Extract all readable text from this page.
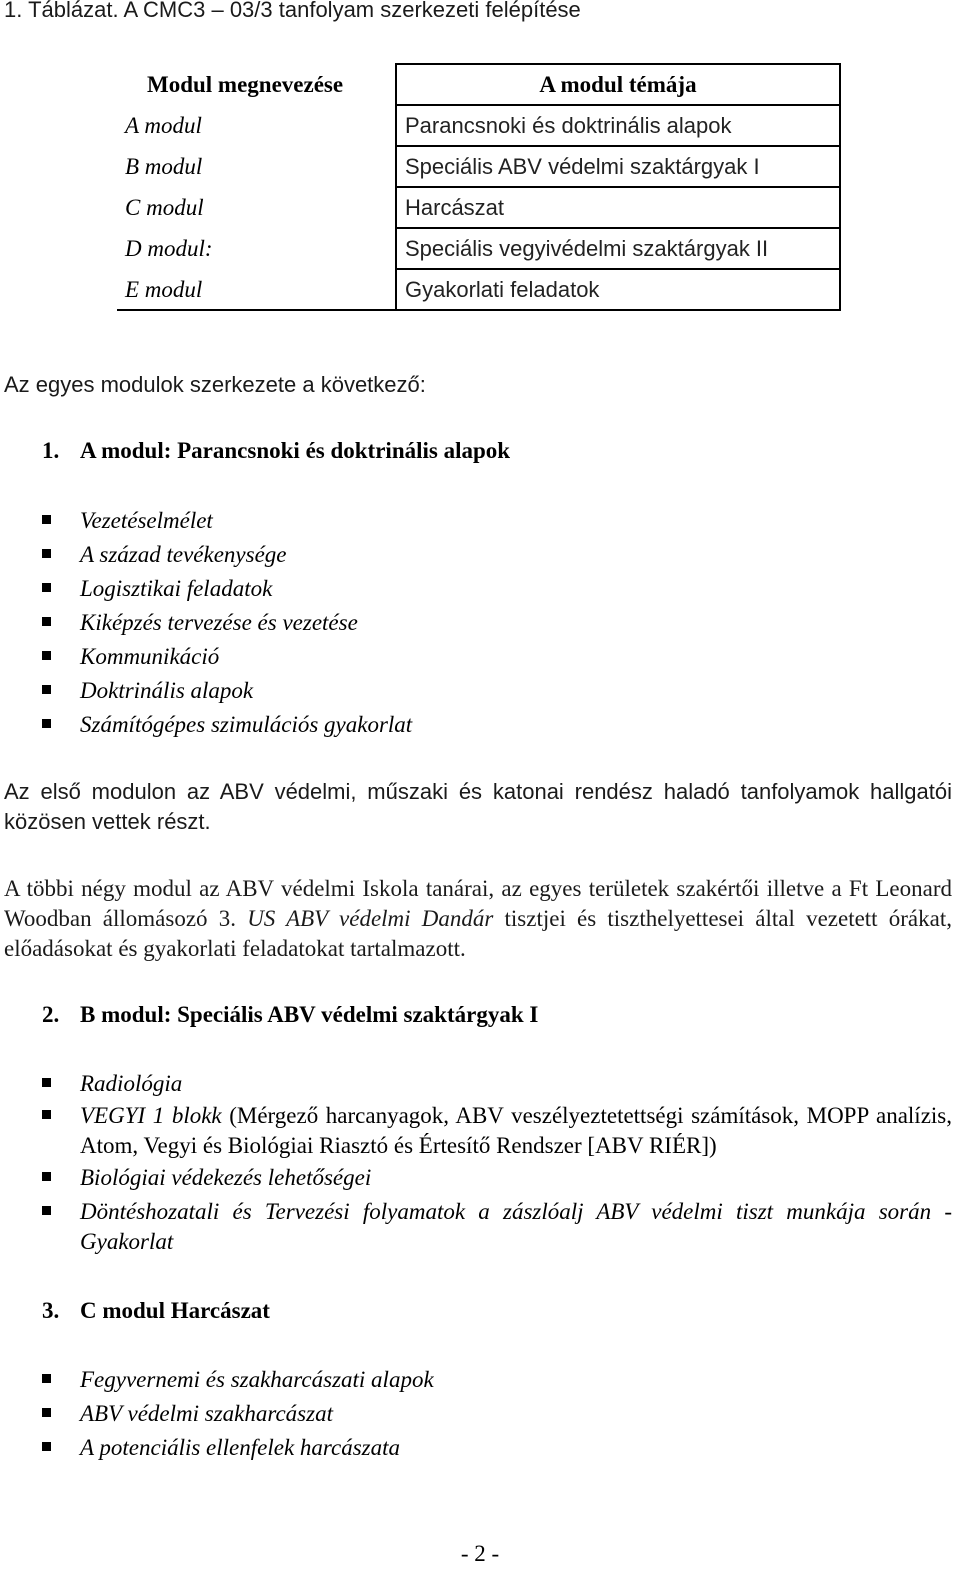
1. Táblázat. A CMC3 – 03/3 tanfolyam szerkezeti felépítése
Modul megnevezése	A modul témája
A modul	Parancsnoki és doktrinális alapok
B modul	Speciális ABV védelmi szaktárgyak I
C modul	Harcászat
D modul:	Speciális vegyivédelmi szaktárgyak II
E modul	Gyakorlati feladatok
Az egyes modulok szerkezete a következő:
1. A modul: Parancsnoki és doktrinális alapok
Vezetéselmélet
A század tevékenysége
Logisztikai feladatok
Kiképzés tervezése és vezetése
Kommunikáció
Doktrinális alapok
Számítógépes szimulációs gyakorlat
Az első modulon az ABV védelmi, műszaki és katonai rendész haladó tanfolyamok hallgatói közösen vettek részt.
A többi négy modul az ABV védelmi Iskola tanárai, az egyes területek szakértői illetve a Ft Leonard Woodban állomásozó 3. US ABV védelmi Dandár tisztjei és tiszthelyettesei által vezetett órákat, előadásokat és gyakorlati feladatokat tartalmazott.
2. B modul: Speciális ABV védelmi szaktárgyak I
Radiológia
VEGYI 1 blokk (Mérgező harcanyagok, ABV veszélyeztetettségi számítások, MOPP analízis, Atom, Vegyi és Biológiai Riasztó és Értesítő Rendszer [ABV RIÉR])
Biológiai védekezés lehetőségei
Döntéshozatali és Tervezési folyamatok a zászlóalj ABV védelmi tiszt munkája során - Gyakorlat
3. C modul Harcászat
Fegyvernemi és szakharcászati alapok
ABV védelmi szakharcászat
A potenciális ellenfelek harcászata
- 2 -
